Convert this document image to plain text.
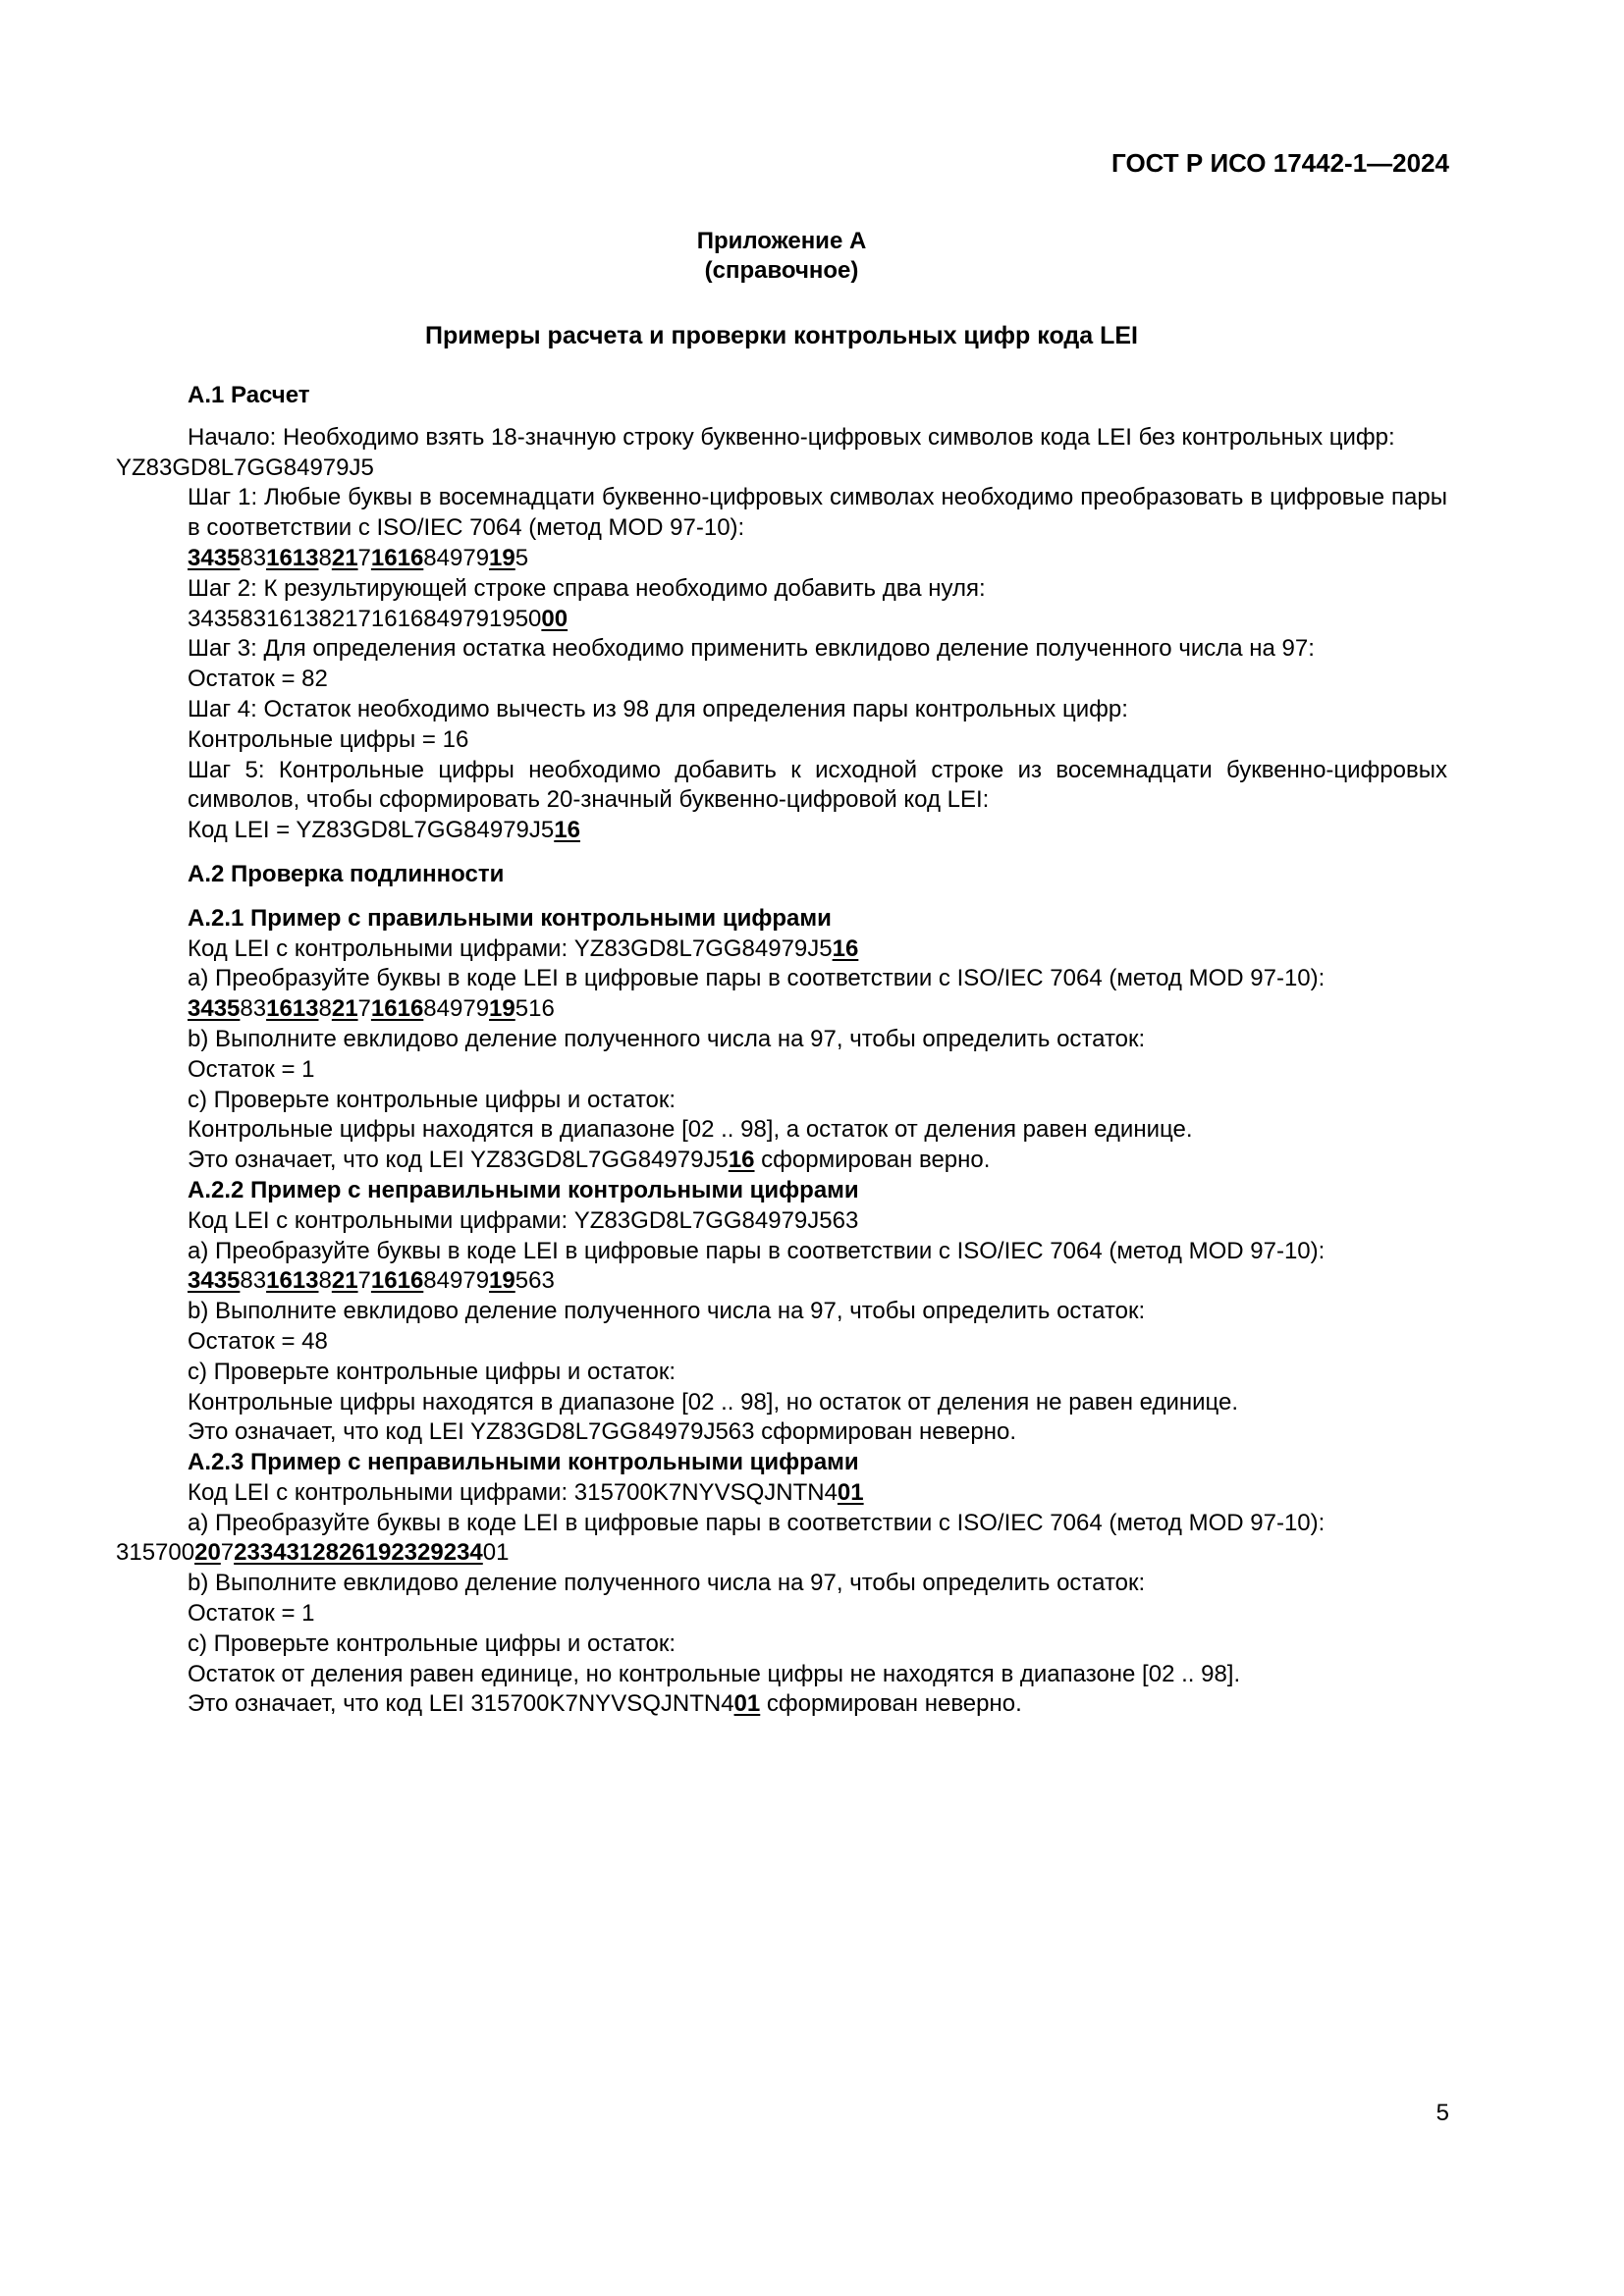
ГОСТ Р ИСО 17442-1—2024
Приложение А
(справочное)
Примеры расчета и проверки контрольных цифр кода LEI

А.1 Расчет

Начало: Необходимо взять 18-значную строку буквенно-цифровых символов кода LEI без контрольных цифр:

YZ83GD8L7GG84979J5

Шаг 1: Любые буквы в восемнадцати буквенно-цифровых символах необходимо преобразовать в цифровые пары в соответствии с ISO/IEC 7064 (метод MOD 97-10):

34358316138217161684979195

Шаг 2: К результирующей строке справа необходимо добавить два нуля:

34358316138217161684979195000

Шаг 3: Для определения остатка необходимо применить евклидово деление полученного числа на 97:

Остаток = 82

Шаг 4: Остаток необходимо вычесть из 98 для определения пары контрольных цифр:

Контрольные цифры = 16

Шаг 5: Контрольные цифры необходимо добавить к исходной строке из восемнадцати буквенно-цифровых символов, чтобы сформировать 20-значный буквенно-цифровой код LEI:

Код LEI = YZ83GD8L7GG84979J516

А.2 Проверка подлинности

А.2.1 Пример с правильными контрольными цифрами

Код LEI с контрольными цифрами: YZ83GD8L7GG84979J516

a) Преобразуйте буквы в коде LEI в цифровые пары в соответствии с ISO/IEC 7064 (метод MOD 97-10):

3435831613821716168497919516

b) Выполните евклидово деление полученного числа на 97, чтобы определить остаток:

Остаток = 1

c) Проверьте контрольные цифры и остаток:

Контрольные цифры находятся в диапазоне [02 .. 98], а остаток от деления равен единице.

Это означает, что код LEI YZ83GD8L7GG84979J516 сформирован верно.

А.2.2 Пример с неправильными контрольными цифрами

Код LEI с контрольными цифрами: YZ83GD8L7GG84979J563

a) Преобразуйте буквы в коде LEI в цифровые пары в соответствии с ISO/IEC 7064 (метод MOD 97-10):

3435831613821716168497919563

b) Выполните евклидово деление полученного числа на 97, чтобы определить остаток:

Остаток = 48

c) Проверьте контрольные цифры и остаток:

Контрольные цифры находятся в диапазоне [02 .. 98], но остаток от деления не равен единице.

Это означает, что код LEI YZ83GD8L7GG84979J563 сформирован неверно.

А.2.3 Пример с неправильными контрольными цифрами

Код LEI с контрольными цифрами: 315700K7NYVSQJNTN401

a) Преобразуйте буквы в коде LEI в цифровые пары в соответствии с ISO/IEC 7064 (метод MOD 97-10):

315700207233431282619232923401

b) Выполните евклидово деление полученного числа на 97, чтобы определить остаток:

Остаток = 1

c) Проверьте контрольные цифры и остаток:

Остаток от деления равен единице, но контрольные цифры не находятся в диапазоне [02 .. 98].

Это означает, что код LEI 315700K7NYVSQJNTN401 сформирован неверно.

5
